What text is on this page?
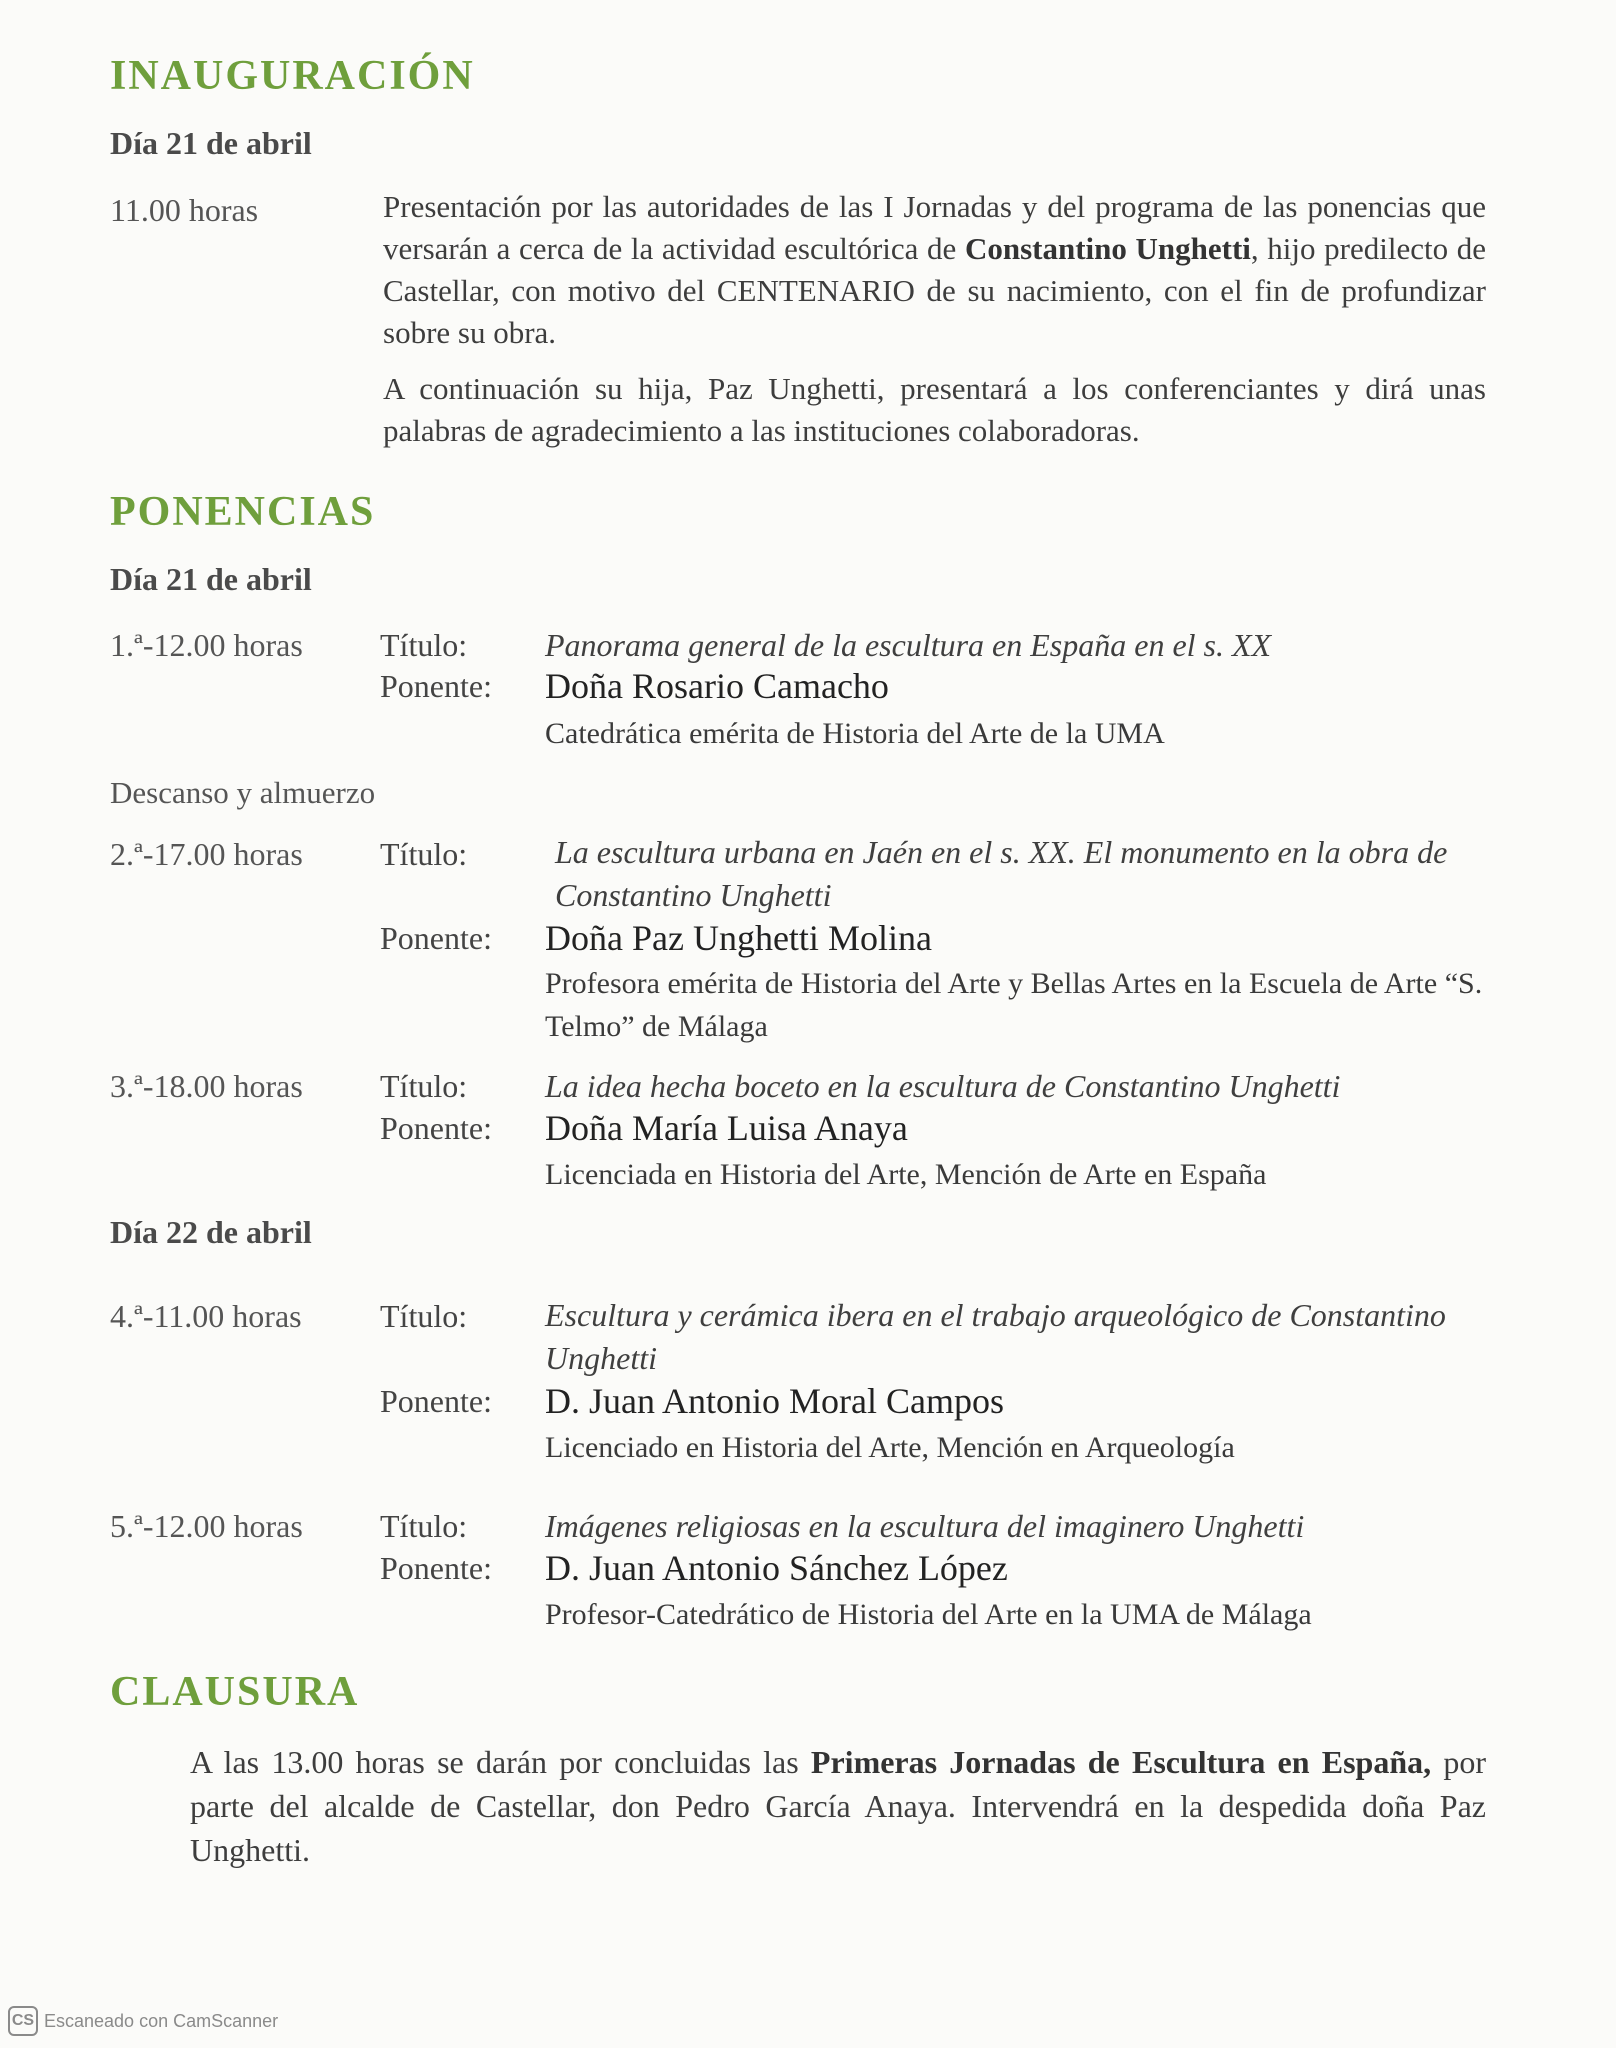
INAUGURACIÓN
Día 21 de abril
11.00 horas	Presentación por las autoridades de las I Jornadas y del programa de las ponencias que versarán a cerca de la actividad escultórica de Constantino Unghetti, hijo predilecto de Castellar, con motivo del CENTENARIO de su nacimiento, con el fin de profundizar sobre su obra.

A continuación su hija, Paz Unghetti, presentará a los conferenciantes y dirá unas palabras de agradecimiento a las instituciones colaboradoras.

PONENCIAS
Día 21 de abril
1.ª-12.00 horas Título: Panorama general de la escultura en España en el s. XX
Ponente: Doña Rosario Camacho
Catedrática emérita de Historia del Arte de la UMA
Descanso y almuerzo
2.ª-17.00 horas Título:	La escultura urbana en Jaén en el s. XX. El monumento en la obra de Constantino Unghetti
Ponente: Doña Paz Unghetti Molina
Profesora emérita de Historia del Arte y Bellas Artes en la Escuela de Arte “S. Telmo” de Málaga
3.ª-18.00 horas Título: La idea hecha boceto en la escultura de Constantino Unghetti
Ponente: Doña María Luisa Anaya
Licenciada en Historia del Arte, Mención de Arte en España
Día 22 de abril
4.ª-11.00 horas Título: Escultura y cerámica ibera en el trabajo arqueológico de Constantino Unghetti
Ponente: D. Juan Antonio Moral Campos
Licenciado en Historia del Arte, Mención en Arqueología
5.ª-12.00 horas Título: Imágenes religiosas en la escultura del imaginero Unghetti
Ponente: D. Juan Antonio Sánchez López
Profesor-Catedrático de Historia del Arte en la UMA de Málaga
CLAUSURA

A las 13.00 horas se darán por concluidas las Primeras Jornadas de Escultura en España, por parte del alcalde de Castellar, don Pedro García Anaya. Intervendrá en la despedida doña Paz Unghetti.

CS Escaneado con CamScanner
